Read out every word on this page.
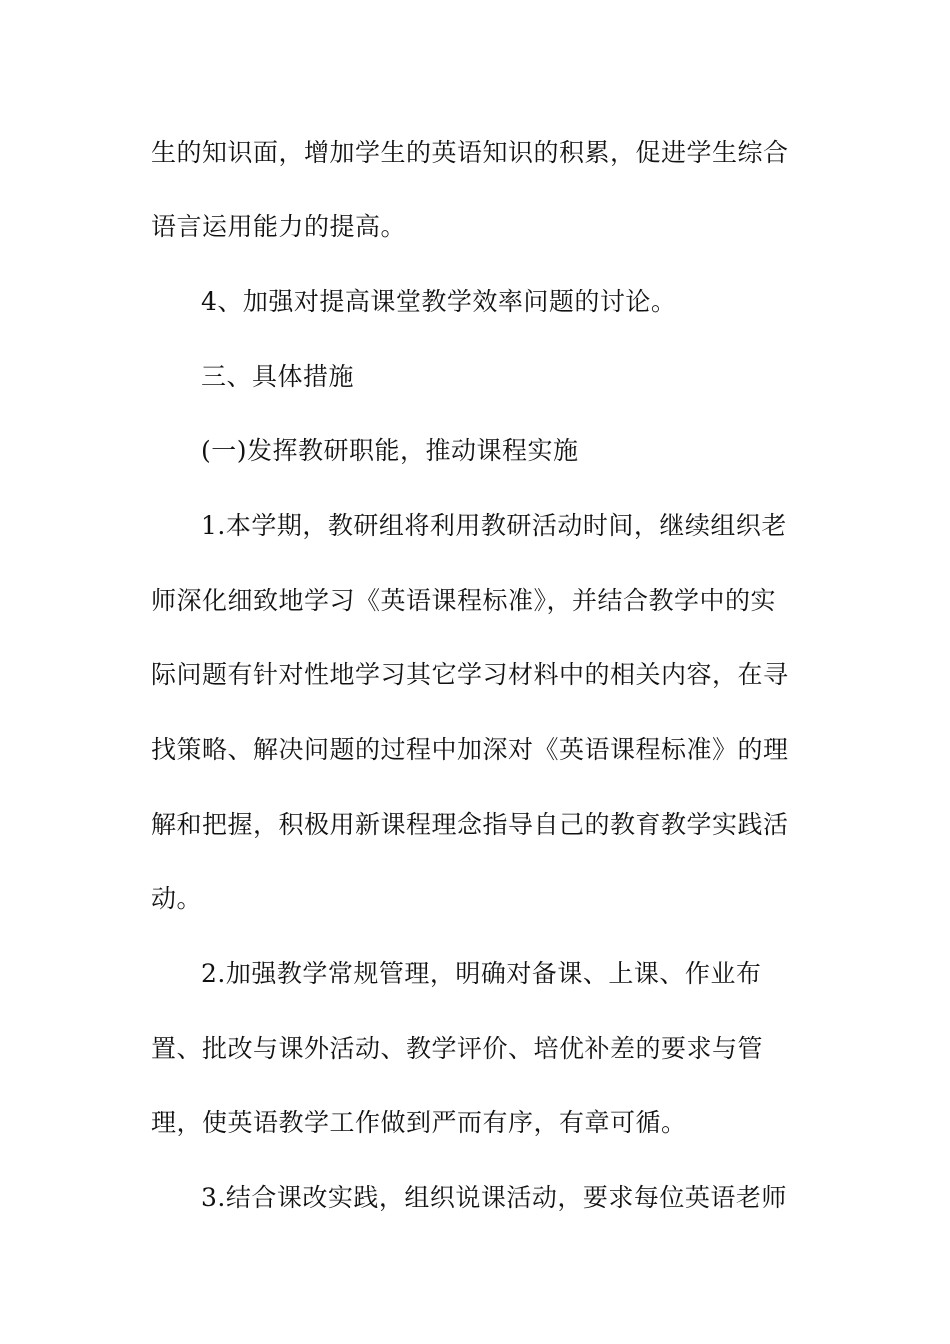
生的知识面，增加学生的英语知识的积累，促进学生综合
语言运用能力的提高。
4、加强对提高课堂教学效率问题的讨论。
三、具体措施
(一)发挥教研职能，推动课程实施
1.本学期，教研组将利用教研活动时间，继续组织老
师深化细致地学习《英语课程标准》，并结合教学中的实
际问题有针对性地学习其它学习材料中的相关内容，在寻
找策略、解决问题的过程中加深对《英语课程标准》的理
解和把握，积极用新课程理念指导自己的教育教学实践活
动。
2.加强教学常规管理，明确对备课、上课、作业布
置、批改与课外活动、教学评价、培优补差的要求与管
理，使英语教学工作做到严而有序，有章可循。
3.结合课改实践，组织说课活动，要求每位英语老师
